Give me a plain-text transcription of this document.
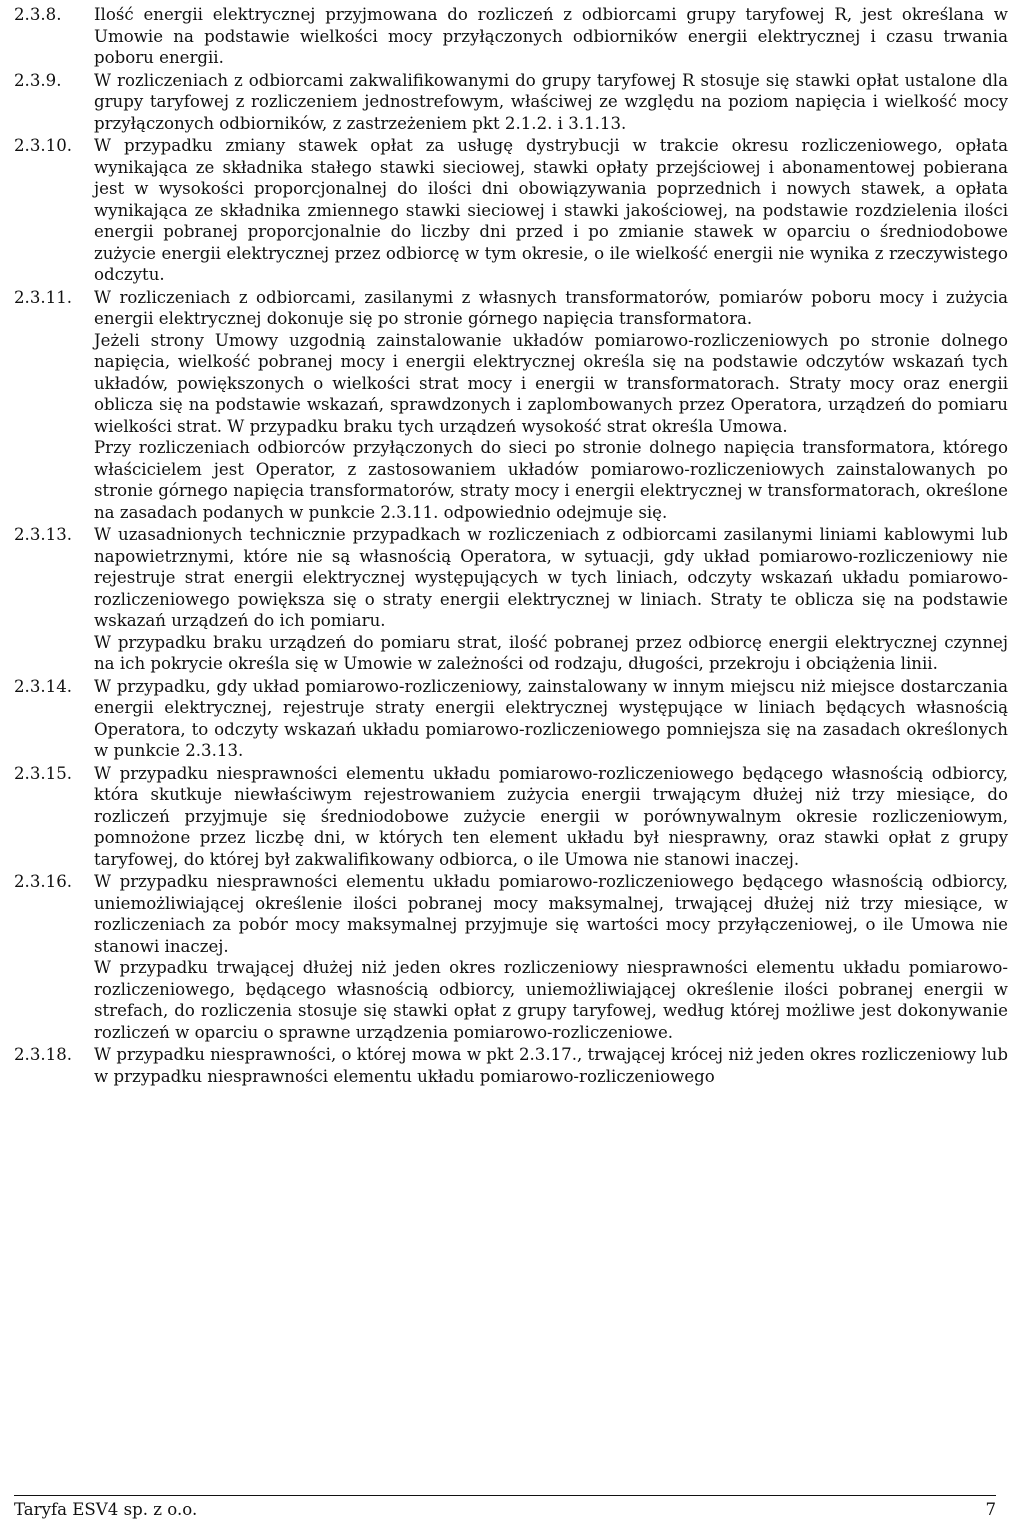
2.3.8.	Ilość energii elektrycznej przyjmowana do rozliczeń z odbiorcami grupy taryfowej R, jest określana w Umowie na podstawie wielkości mocy przyłączonych odbiorników energii elektrycznej i czasu trwania poboru energii.

2.3.9.	W rozliczeniach z odbiorcami zakwalifikowanymi do grupy taryfowej R stosuje się stawki opłat ustalone dla grupy taryfowej z rozliczeniem jednostrefowym, właściwej ze względu na poziom napięcia i wielkość mocy przyłączonych odbiorników, z zastrzeżeniem pkt 2.1.2. i 3.1.13.

2.3.10.	W przypadku zmiany stawek opłat za usługę dystrybucji w trakcie okresu rozliczeniowego, opłata wynikająca ze składnika stałego stawki sieciowej, stawki opłaty przejściowej i abonamentowej pobierana jest w wysokości proporcjonalnej do ilości dni obowiązywania poprzednich i nowych stawek, a opłata wynikająca ze składnika zmiennego stawki sieciowej i stawki jakościowej, na podstawie rozdzielenia ilości energii pobranej proporcjonalnie do liczby dni przed i po zmianie stawek w oparciu o średniodobowe zużycie energii elektrycznej przez odbiorcę w tym okresie, o ile wielkość energii nie wynika z rzeczywistego odczytu.

2.3.11.	W rozliczeniach z odbiorcami, zasilanymi z własnych transformatorów, pomiarów poboru mocy i zużycia energii elektrycznej dokonuje się po stronie górnego napięcia transformatora.

Jeżeli strony Umowy uzgodnią zainstalowanie układów pomiarowo-rozliczeniowych po stronie dolnego napięcia, wielkość pobranej mocy i energii elektrycznej określa się na podstawie odczytów wskazań tych układów, powiększonych o wielkości strat mocy i energii w transformatorach. Straty mocy oraz energii oblicza się na podstawie wskazań, sprawdzonych i zaplombowanych przez Operatora, urządzeń do pomiaru wielkości strat. W przypadku braku tych urządzeń wysokość strat określa Umowa.

Przy rozliczeniach odbiorców przyłączonych do sieci po stronie dolnego napięcia transformatora, którego właścicielem jest Operator, z zastosowaniem układów pomiarowo-rozliczeniowych zainstalowanych po stronie górnego napięcia transformatorów, straty mocy i energii elektrycznej w transformatorach, określone na zasadach podanych w punkcie 2.3.11. odpowiednio odejmuje się.

2.3.13.	W uzasadnionych technicznie przypadkach w rozliczeniach z odbiorcami zasilanymi liniami kablowymi lub napowietrznymi, które nie są własnością Operatora, w sytuacji, gdy układ pomiarowo-rozliczeniowy nie rejestruje strat energii elektrycznej występujących w tych liniach, odczyty wskazań układu pomiarowo-rozliczeniowego powiększa się o straty energii elektrycznej w liniach. Straty te oblicza się na podstawie wskazań urządzeń do ich pomiaru.

W przypadku braku urządzeń do pomiaru strat, ilość pobranej przez odbiorcę energii elektrycznej czynnej na ich pokrycie określa się w Umowie w zależności od rodzaju, długości, przekroju i obciążenia linii.

2.3.14.	W przypadku, gdy układ pomiarowo-rozliczeniowy, zainstalowany w innym miejscu niż miejsce dostarczania energii elektrycznej, rejestruje straty energii elektrycznej występujące w liniach będących własnością Operatora, to odczyty wskazań układu pomiarowo-rozliczeniowego pomniejsza się na zasadach określonych w punkcie 2.3.13.

2.3.15.	W przypadku niesprawności elementu układu pomiarowo-rozliczeniowego będącego własnością odbiorcy, która skutkuje niewłaściwym rejestrowaniem zużycia energii trwającym dłużej niż trzy miesiące, do rozliczeń przyjmuje się średniodobowe zużycie energii w porównywalnym okresie rozliczeniowym, pomnożone przez liczbę dni, w których ten element układu był niesprawny, oraz stawki opłat z grupy taryfowej, do której był zakwalifikowany odbiorca, o ile Umowa nie stanowi inaczej.

2.3.16.	W przypadku niesprawności elementu układu pomiarowo-rozliczeniowego będącego własnością odbiorcy, uniemożliwiającej określenie ilości pobranej mocy maksymalnej, trwającej dłużej niż trzy miesiące, w rozliczeniach za pobór mocy maksymalnej przyjmuje się wartości mocy przyłączeniowej, o ile Umowa nie stanowi inaczej.

W przypadku trwającej dłużej niż jeden okres rozliczeniowy niesprawności elementu układu pomiarowo-rozliczeniowego, będącego własnością odbiorcy, uniemożliwiającej określenie ilości pobranej energii w strefach, do rozliczenia stosuje się stawki opłat z grupy taryfowej, według której możliwe jest dokonywanie rozliczeń w oparciu o sprawne urządzenia pomiarowo-rozliczeniowe.

2.3.18.	W przypadku niesprawności, o której mowa w pkt 2.3.17., trwającej krócej niż jeden okres rozliczeniowy lub w przypadku niesprawności elementu układu pomiarowo-rozliczeniowego

Taryfa ESV4 sp. z o.o.	7
